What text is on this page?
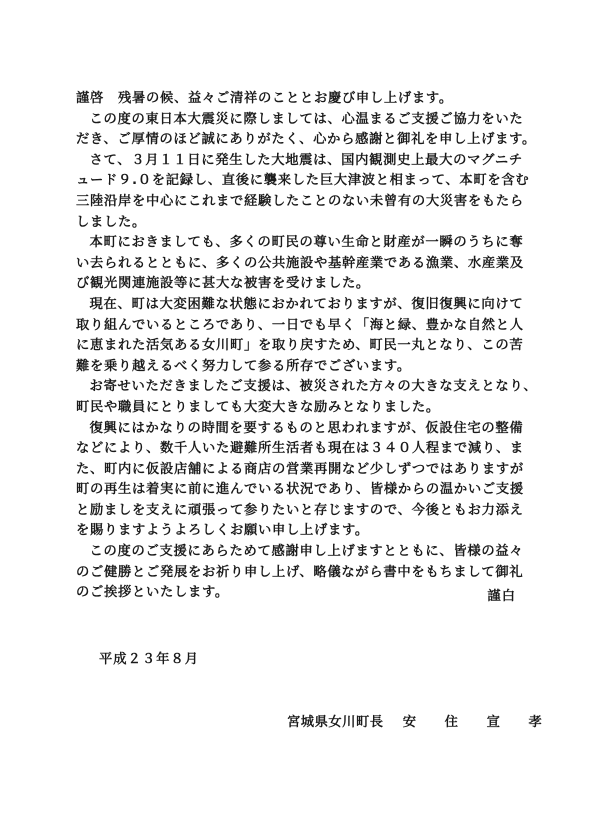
謹啓　残暑の候、益々ご清祥のこととお慶び申し上げます。
この度の東日本大震災に際しましては、心温まるご支援ご協力をいた
だき、ご厚情のほど誠にありがたく、心から感謝と御礼を申し上げます。
さて、３月１１日に発生した大地震は、国内観測史上最大のマグニチ
ュード９.０を記録し、直後に襲来した巨大津波と相まって、本町を含む
三陸沿岸を中心にこれまで経験したことのない未曾有の大災害をもたら
しました。
本町におきましても、多くの町民の尊い生命と財産が一瞬のうちに奪
い去られるとともに、多くの公共施設や基幹産業である漁業、水産業及
び観光関連施設等に甚大な被害を受けました。
現在、町は大変困難な状態におかれておりますが、復旧復興に向けて
取り組んでいるところであり、一日でも早く「海と緑、豊かな自然と人
に恵まれた活気ある女川町」を取り戻すため、町民一丸となり、この苦
難を乗り越えるべく努力して参る所存でございます。
お寄せいただきましたご支援は、被災された方々の大きな支えとなり、
町民や職員にとりましても大変大きな励みとなりました。
復興にはかなりの時間を要するものと思われますが、仮設住宅の整備
などにより、数千人いた避難所生活者も現在は３４０人程まで減り、ま
た、町内に仮設店舗による商店の営業再開など少しずつではありますが
町の再生は着実に前に進んでいる状況であり、皆様からの温かいご支援
と励ましを支えに頑張って参りたいと存じますので、今後ともお力添え
を賜りますようよろしくお願い申し上げます。
この度のご支援にあらためて感謝申し上げますとともに、皆様の益々
のご健勝とご発展をお祈り申し上げ、略儀ながら書中をもちまして御礼
のご挨拶といたします。	謹白
平成２３年８月
宮城県女川町長 安 住 宣 孝
